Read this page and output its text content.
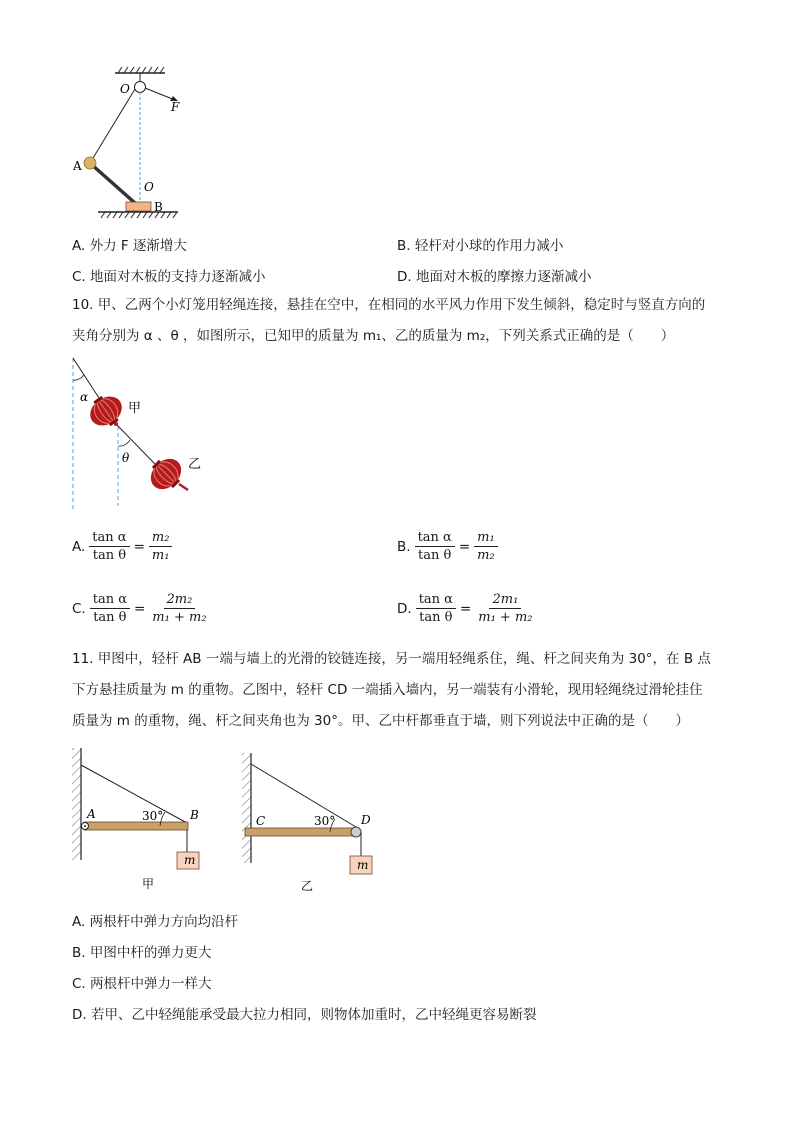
O
F
A
O
B
A. 外力 F 逐渐增大	B. 轻杆对小球的作用力减小
C. 地面对木板的支持力逐渐减小	D. 地面对木板的摩擦力逐渐减小
10. 甲、乙两个小灯笼用轻绳连接，悬挂在空中，在相同的水平风力作用下发生倾斜，稳定时与竖直方向的
夹角分别为 α 、θ ，如图所示，已知甲的质量为 m₁、乙的质量为 m₂，下列关系式正确的是（　　）
α
甲
θ	乙
A. $\frac{\text{tan α}}{\text{tan θ}} = \frac{\text{m₂}}{\text{m₁}}$	B. $\frac{\text{tan α}}{\text{tan θ}} = \frac{\text{m₁}}{\text{m₂}}$
C. $\frac{\text{tan α}}{\text{tan θ}} = \frac{\text{2m₂}}{\text{m₁ + m₂}}$	D. $\frac{\text{tan α}}{\text{tan θ}} = \frac{\text{2m₁}}{\text{m₁ + m₂}}$
11. 甲图中，轻杆 AB 一端与墙上的光滑的铰链连接，另一端用轻绳系住，绳、杆之间夹角为 30°，在 B 点
下方悬挂质量为 m 的重物。乙图中，轻杆 CD 一端插入墙内，另一端装有小滑轮，现用轻绳绕过滑轮挂住
质量为 m 的重物，绳、杆之间夹角也为 30°。甲、乙中杆都垂直于墙，则下列说法中正确的是（　　）
A	30° B
m
甲
C	30° D
m
乙
A. 两根杆中弹力方向均沿杆
B. 甲图中杆的弹力更大
C. 两根杆中弹力一样大
D. 若甲、乙中轻绳能承受最大拉力相同，则物体加重时，乙中轻绳更容易断裂
